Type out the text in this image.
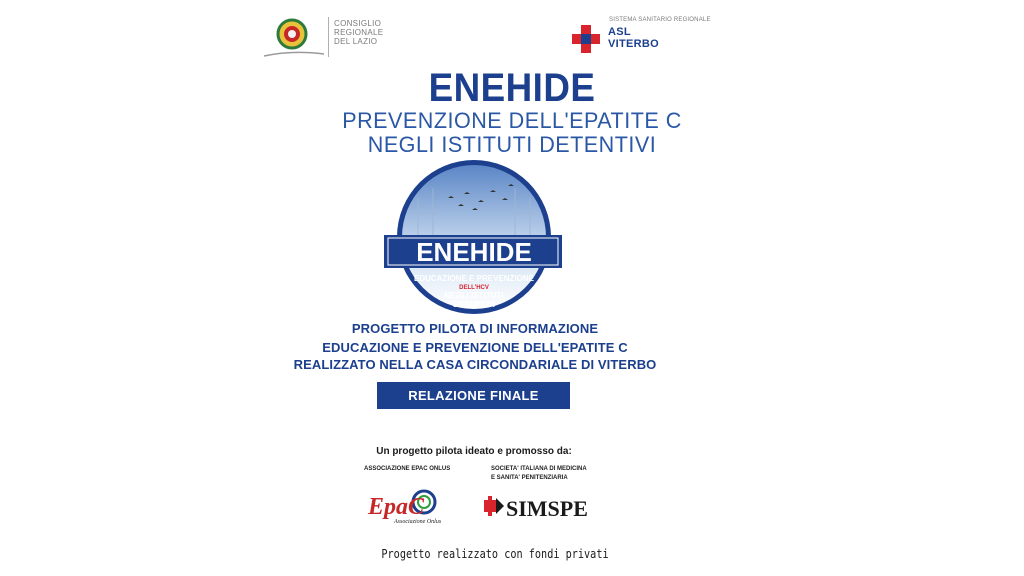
CONSIGLIO
REGIONALE
DEL LAZIO
SISTEMA SANITARIO REGIONALE
ASL
VITERBO
ENEHIDE
PREVENZIONE DELL'EPATITE C
NEGLI ISTITUTI DETENTIVI
ENEHIDE
EDUCAZIONE E PREVENZIONE
DELL'HCV
NEGLI ISTITUTI
DETENTIVI
PROGETTO PILOTA DI INFORMAZIONE
EDUCAZIONE E PREVENZIONE DELL'EPATITE C
REALIZZATO NELLA CASA CIRCONDARIALE DI VITERBO
RELAZIONE FINALE
Un progetto pilota ideato e promosso da:
ASSOCIAZIONE EPAC ONLUS	SOCIETA' ITALIANA DI MEDICINA
E SANITA' PENITENZIARIA
EpaC
Associazione Onlus
SIMSPE
Progetto realizzato con fondi privati
